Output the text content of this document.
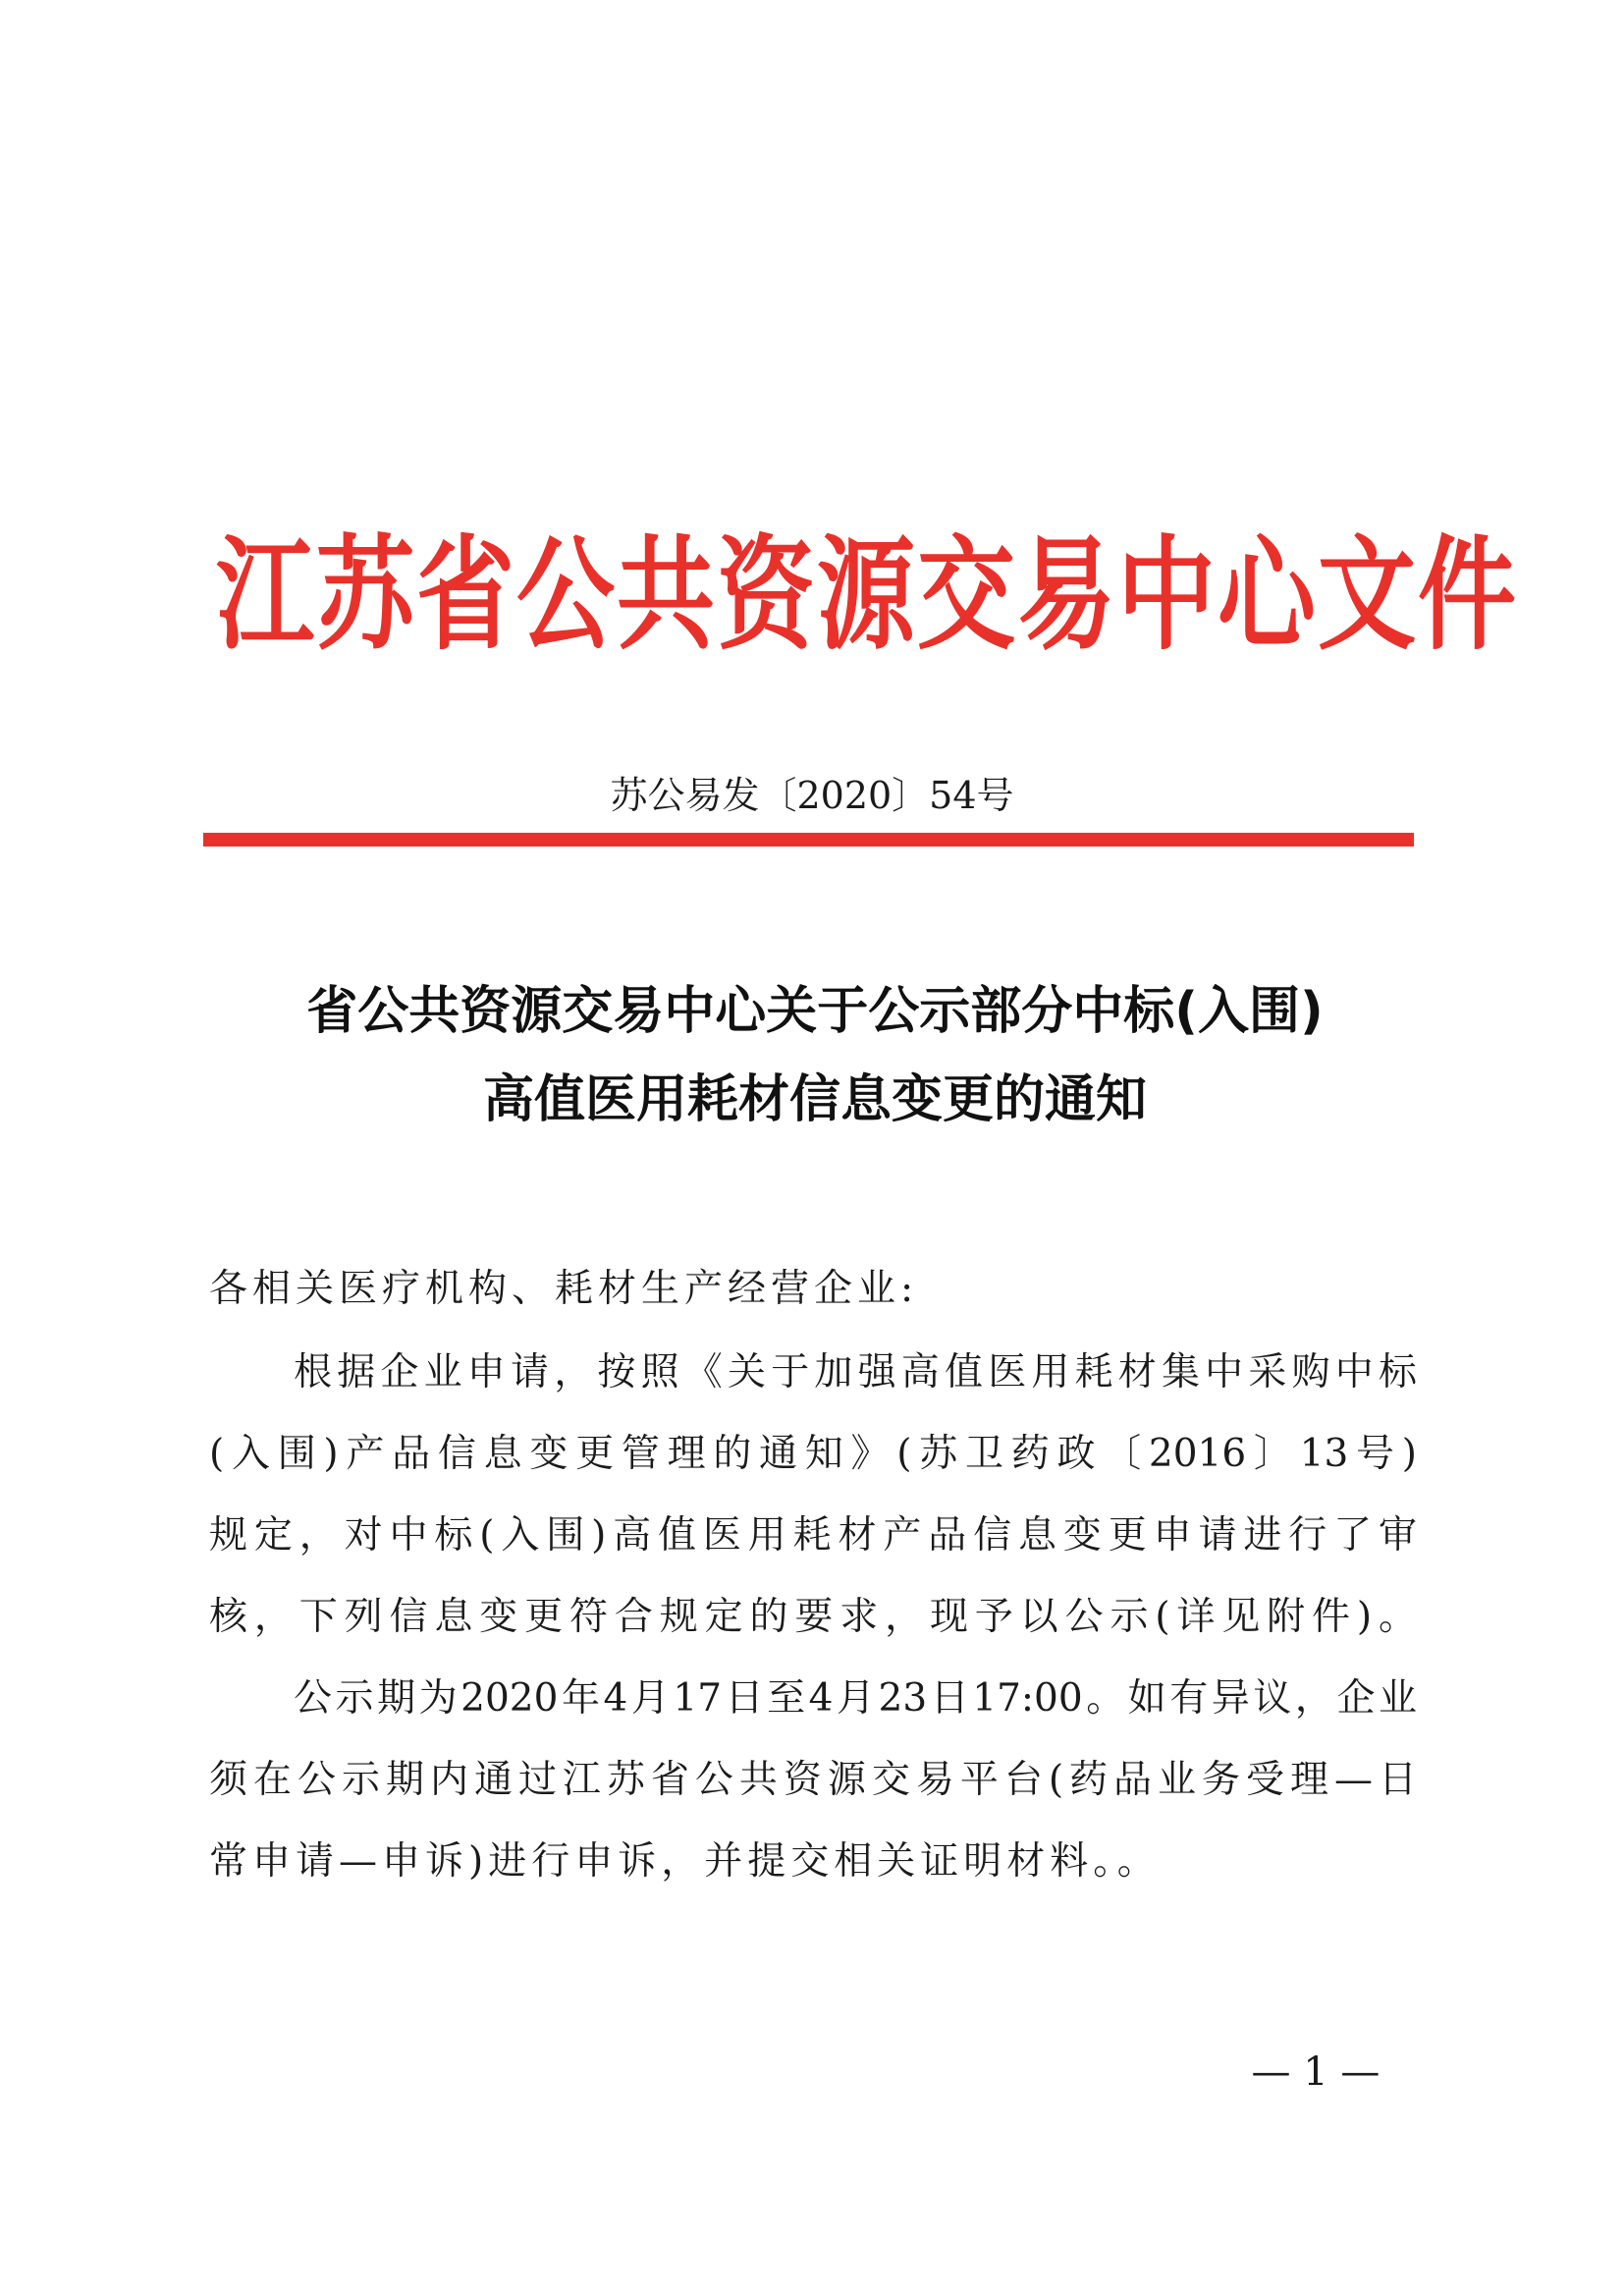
江苏省公共资源交易中心文件
苏公易发〔2020〕54号
省公共资源交易中心关于公示部分中标(入围)
高值医用耗材信息变更的通知
各相关医疗机构、耗材生产经营企业:
根据企业申请，按照《关于加强高值医用耗材集中采购中标
(入围)产品信息变更管理的通知》(苏卫药政〔2016〕13号)
规定，对中标(入围)高值医用耗材产品信息变更申请进行了审
核，下列信息变更符合规定的要求，现予以公示(详见附件)。
公示期为2020年4月17日至4月23日17:00。如有异议，企业
须在公示期内通过江苏省公共资源交易平台(药品业务受理—日
常申请—申诉)进行申诉，并提交相关证明材料。。
— 1 —
